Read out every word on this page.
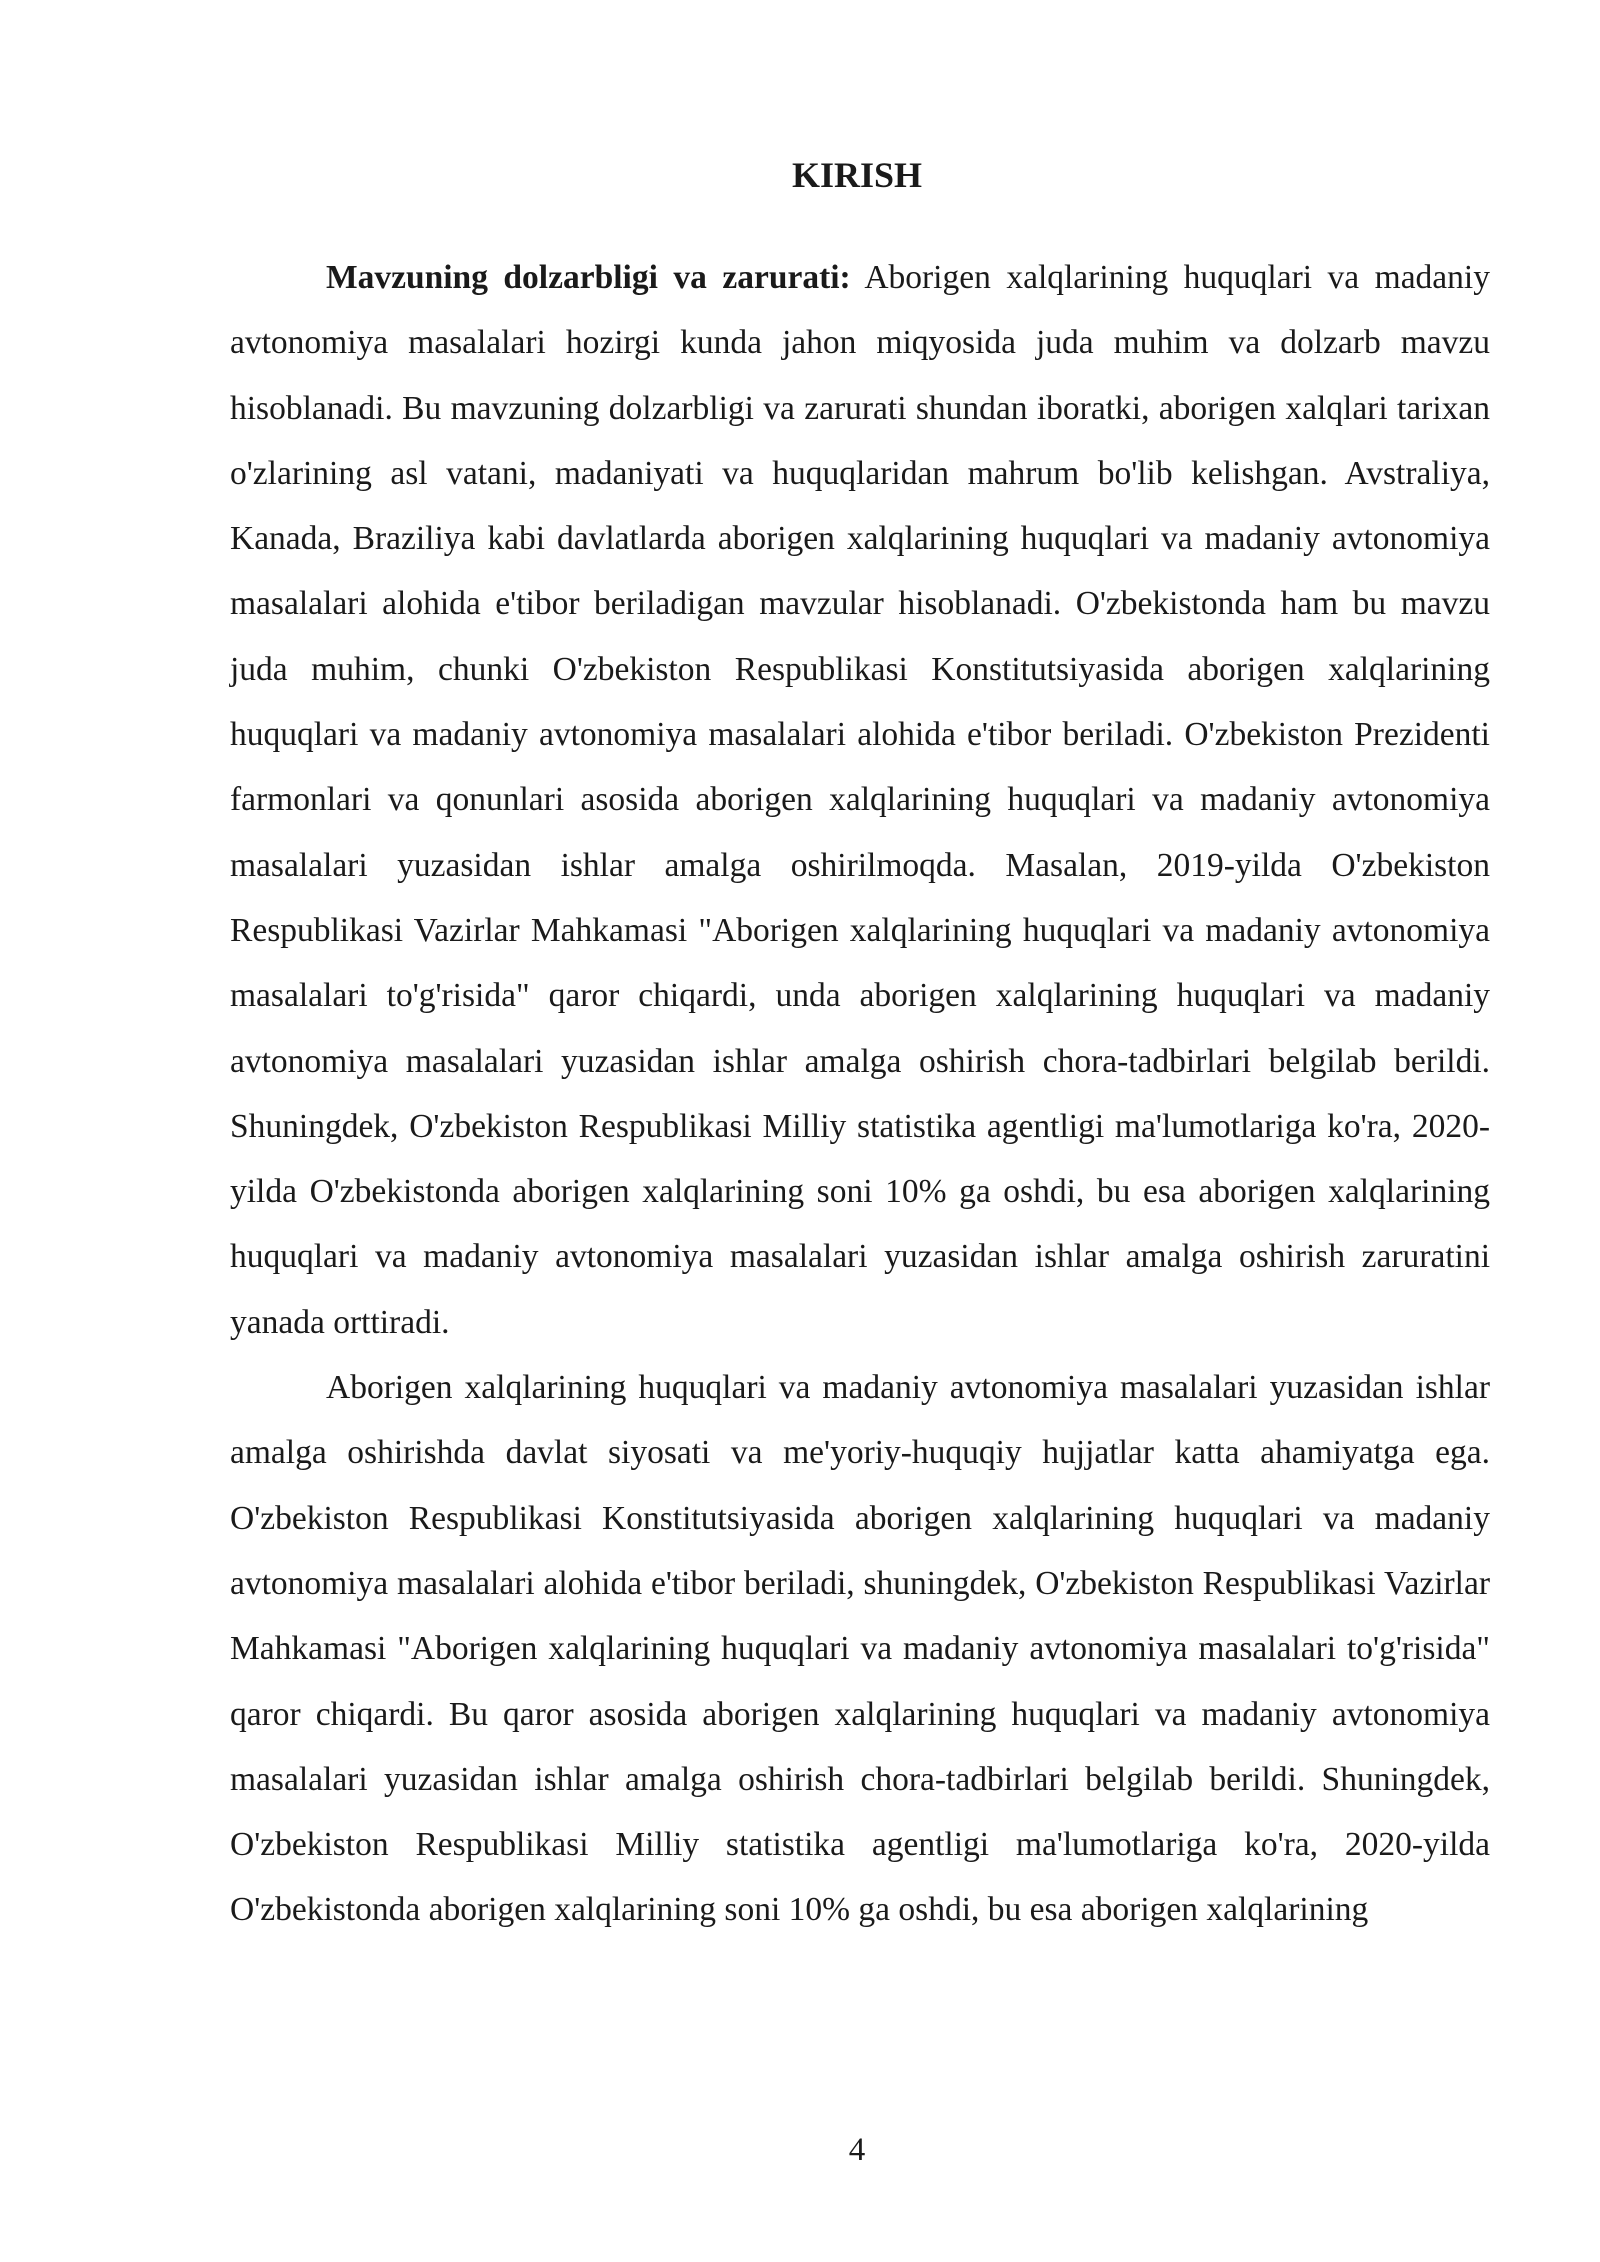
KIRISH

Mavzuning dolzarbligi va zarurati: Aborigen xalqlarining huquqlari va madaniy avtonomiya masalalari hozirgi kunda jahon miqyosida juda muhim va dolzarb mavzu hisoblanadi. Bu mavzuning dolzarbligi va zarurati shundan iboratki, aborigen xalqlari tarixan o'zlarining asl vatani, madaniyati va huquqlaridan mahrum bo'lib kelishgan. Avstraliya, Kanada, Braziliya kabi davlatlarda aborigen xalqlarining huquqlari va madaniy avtonomiya masalalari alohida e'tibor beriladigan mavzular hisoblanadi. O'zbekistonda ham bu mavzu juda muhim, chunki O'zbekiston Respublikasi Konstitutsiyasida aborigen xalqlarining huquqlari va madaniy avtonomiya masalalari alohida e'tibor beriladi. O'zbekiston Prezidenti farmonlari va qonunlari asosida aborigen xalqlarining huquqlari va madaniy avtonomiya masalalari yuzasidan ishlar amalga oshirilmoqda. Masalan, 2019-yilda O'zbekiston Respublikasi Vazirlar Mahkamasi "Aborigen xalqlarining huquqlari va madaniy avtonomiya masalalari to'g'risida" qaror chiqardi, unda aborigen xalqlarining huquqlari va madaniy avtonomiya masalalari yuzasidan ishlar amalga oshirish chora-tadbirlari belgilab berildi. Shuningdek, O'zbekiston Respublikasi Milliy statistika agentligi ma'lumotlariga ko'ra, 2020-yilda O'zbekistonda aborigen xalqlarining soni 10% ga oshdi, bu esa aborigen xalqlarining huquqlari va madaniy avtonomiya masalalari yuzasidan ishlar amalga oshirish zaruratini yanada orttiradi.

Aborigen xalqlarining huquqlari va madaniy avtonomiya masalalari yuzasidan ishlar amalga oshirishda davlat siyosati va me'yoriy-huquqiy hujjatlar katta ahamiyatga ega. O'zbekiston Respublikasi Konstitutsiyasida aborigen xalqlarining huquqlari va madaniy avtonomiya masalalari alohida e'tibor beriladi, shuningdek, O'zbekiston Respublikasi Vazirlar Mahkamasi "Aborigen xalqlarining huquqlari va madaniy avtonomiya masalalari to'g'risida" qaror chiqardi. Bu qaror asosida aborigen xalqlarining huquqlari va madaniy avtonomiya masalalari yuzasidan ishlar amalga oshirish chora-tadbirlari belgilab berildi. Shuningdek, O'zbekiston Respublikasi Milliy statistika agentligi ma'lumotlariga ko'ra, 2020-yilda O'zbekistonda aborigen xalqlarining soni 10% ga oshdi, bu esa aborigen xalqlarining

4
